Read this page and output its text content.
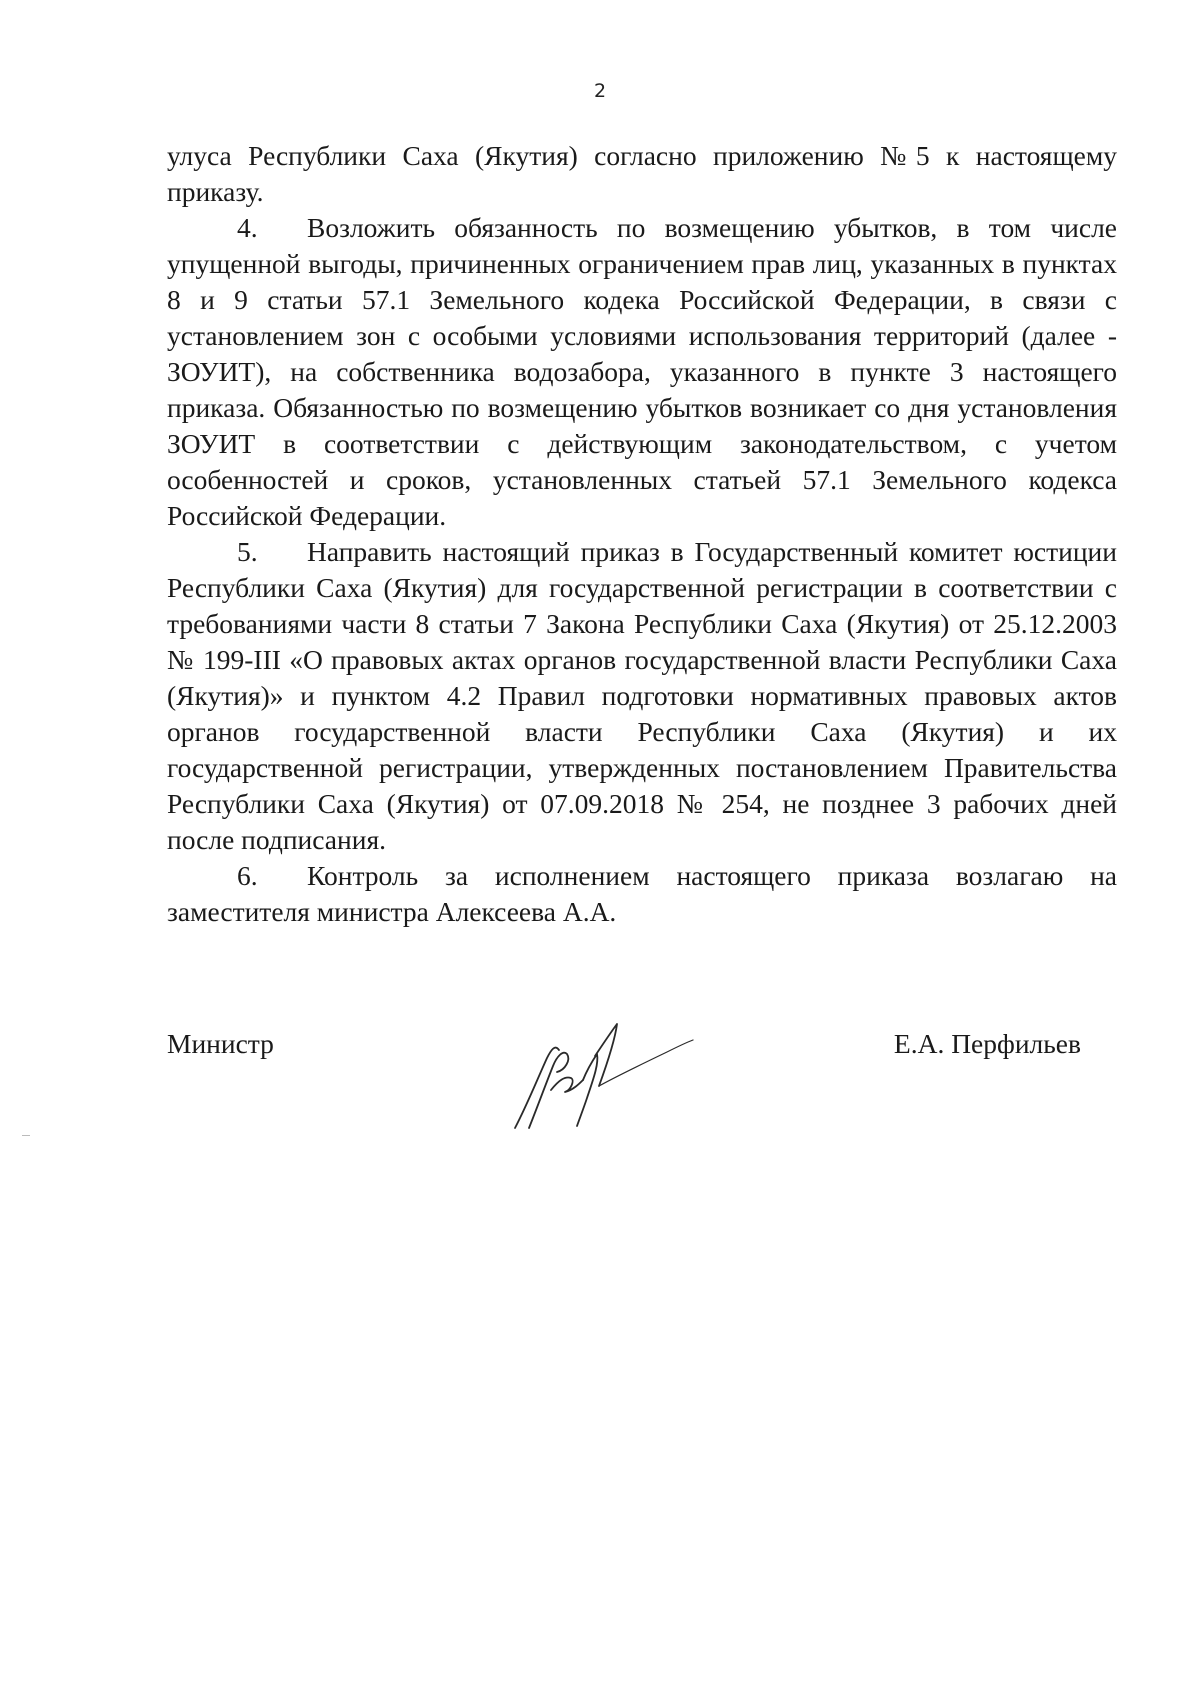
2

улуса Республики Саха (Якутия) согласно приложению №5 к настоящему приказу.

4. Возложить обязанность по возмещению убытков, в том числе упущенной выгоды, причиненных ограничением прав лиц, указанных в пунктах 8 и 9 статьи 57.1 Земельного кодека Российской Федерации, в связи с установлением зон с особыми условиями использования территорий (далее - ЗОУИТ), на собственника водозабора, указанного в пункте 3 настоящего приказа. Обязанностью по возмещению убытков возникает со дня установления ЗОУИТ в соответствии с действующим законодательством, с учетом особенностей и сроков, установленных статьей 57.1 Земельного кодекса Российской Федерации.

5. Направить настоящий приказ в Государственный комитет юстиции Республики Саха (Якутия) для государственной регистрации в соответствии с требованиями части 8 статьи 7 Закона Республики Саха (Якутия) от 25.12.2003 № 199-III «О правовых актах органов государственной власти Республики Саха (Якутия)» и пунктом 4.2 Правил подготовки нормативных правовых актов органов государственной власти Республики Саха (Якутия) и их государственной регистрации, утвержденных постановлением Правительства Республики Саха (Якутия) от 07.09.2018 № 254, не позднее 3 рабочих дней после подписания.

6. Контроль за исполнением настоящего приказа возлагаю на заместителя министра Алексеева А.А.

Министр	Е.А. Перфильев
